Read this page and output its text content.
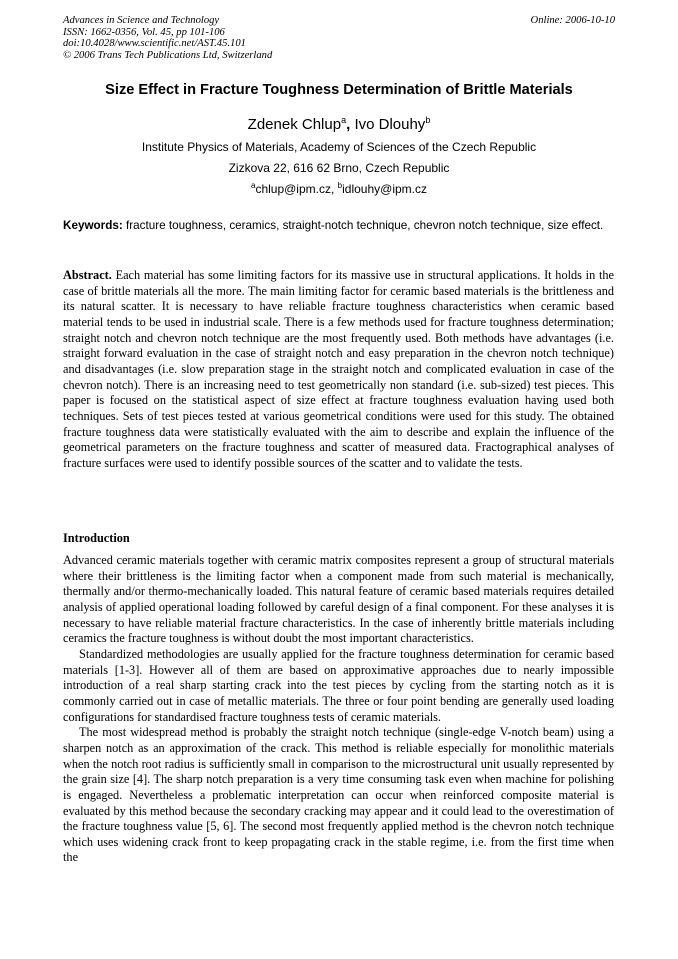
Advances in Science and Technology
ISSN: 1662-0356, Vol. 45, pp 101-106
doi:10.4028/www.scientific.net/AST.45.101
© 2006 Trans Tech Publications Ltd, Switzerland
Online: 2006-10-10
Size Effect in Fracture Toughness Determination of Brittle Materials
Zdenek Chlup$^a$, Ivo Dlouhy$^b$
Institute Physics of Materials, Academy of Sciences of the Czech Republic
Zizkova 22, 616 62 Brno, Czech Republic
$^a$chlup@ipm.cz, $^b$idlouhy@ipm.cz
Keywords: fracture toughness, ceramics, straight-notch technique, chevron notch technique, size effect.

Abstract. Each material has some limiting factors for its massive use in structural applications. It holds in the case of brittle materials all the more. The main limiting factor for ceramic based materials is the brittleness and its natural scatter. It is necessary to have reliable fracture toughness characteristics when ceramic based material tends to be used in industrial scale. There is a few methods used for fracture toughness determination; straight notch and chevron notch technique are the most frequently used. Both methods have advantages (i.e. straight forward evaluation in the case of straight notch and easy preparation in the chevron notch technique) and disadvantages (i.e. slow preparation stage in the straight notch and complicated evaluation in case of the chevron notch). There is an increasing need to test geometrically non standard (i.e. sub-sized) test pieces. This paper is focused on the statistical aspect of size effect at fracture toughness evaluation having used both techniques. Sets of test pieces tested at various geometrical conditions were used for this study. The obtained fracture toughness data were statistically evaluated with the aim to describe and explain the influence of the geometrical parameters on the fracture toughness and scatter of measured data. Fractographical analyses of fracture surfaces were used to identify possible sources of the scatter and to validate the tests.

Introduction

Advanced ceramic materials together with ceramic matrix composites represent a group of structural materials where their brittleness is the limiting factor when a component made from such material is mechanically, thermally and/or thermo-mechanically loaded. This natural feature of ceramic based materials requires detailed analysis of applied operational loading followed by careful design of a final component. For these analyses it is necessary to have reliable material fracture characteristics. In the case of inherently brittle materials including ceramics the fracture toughness is without doubt the most important characteristics.

Standardized methodologies are usually applied for the fracture toughness determination for ceramic based materials [1-3]. However all of them are based on approximative approaches due to nearly impossible introduction of a real sharp starting crack into the test pieces by cycling from the starting notch as it is commonly carried out in case of metallic materials. The three or four point bending are generally used loading configurations for standardised fracture toughness tests of ceramic materials.

The most widespread method is probably the straight notch technique (single-edge V-notch beam) using a sharpen notch as an approximation of the crack. This method is reliable especially for monolithic materials when the notch root radius is sufficiently small in comparison to the microstructural unit usually represented by the grain size [4]. The sharp notch preparation is a very time consuming task even when machine for polishing is engaged. Nevertheless a problematic interpretation can occur when reinforced composite material is evaluated by this method because the secondary cracking may appear and it could lead to the overestimation of the fracture toughness value [5, 6]. The second most frequently applied method is the chevron notch technique which uses widening crack front to keep propagating crack in the stable regime, i.e. from the first time when the
